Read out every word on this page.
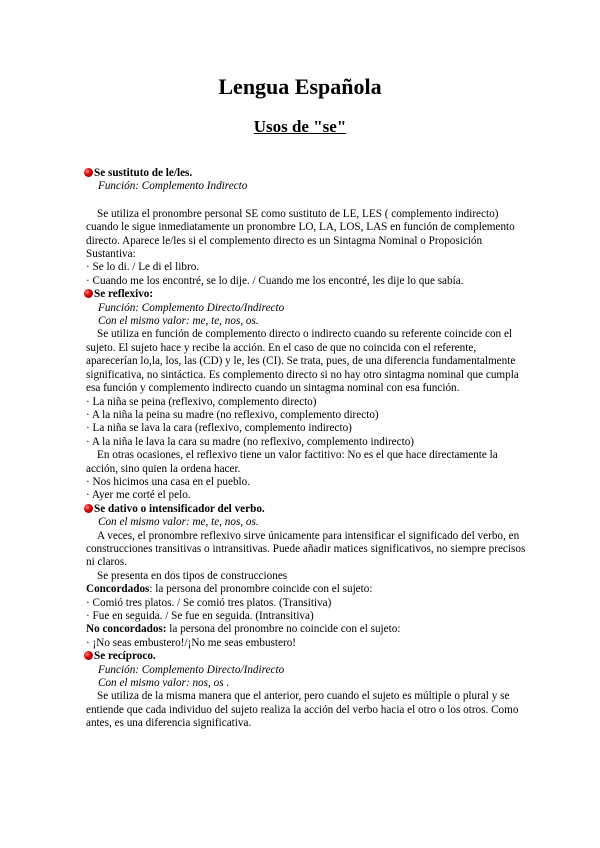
Lengua Española
Usos de "se"

Se sustituto de le/les.

Función: Complemento Indirecto

Se utiliza el pronombre personal SE como sustituto de LE, LES ( complemento indirecto) cuando le sigue inmediatamente un pronombre LO, LA, LOS, LAS en función de complemento directo. Aparece le/les si el complemento directo es un Sintagma Nominal o Proposición Sustantiva:

· Se lo di. / Le di el libro.

· Cuando me los encontré, se lo dije. / Cuando me los encontré, les dije lo que sabía.

Se reflexivo:

Función: Complemento Directo/Indirecto

Con el mismo valor: me, te, nos, os.

Se utiliza en función de complemento directo o indirecto cuando su referente coincide con el sujeto. El sujeto hace y recibe la acción. En el caso de que no coincida con el referente, aparecerían lo,la, los, las (CD) y le, les (CI). Se trata, pues, de una diferencia fundamentalmente significativa, no sintáctica. Es complemento directo si no hay otro sintagma nominal que cumpla esa función y complemento indirecto cuando un sintagma nominal con esa función.

· La niña se peina (reflexivo, complemento directo)

· A la niña la peina su madre (no reflexivo, complemento directo)

· La niña se lava la cara (reflexivo, complemento indirecto)

· A la niña le lava la cara su madre (no reflexivo, complemento indirecto)

En otras ocasiones, el reflexivo tiene un valor factitivo: No es el que hace directamente la acción, sino quien la ordena hacer.

· Nos hicimos una casa en el pueblo.

· Ayer me corté el pelo.

Se dativo o intensificador del verbo.

Con el mismo valor: me, te, nos, os.

A veces, el pronombre reflexivo sirve únicamente para intensificar el significado del verbo, en construcciones transitivas o intransitivas. Puede añadir matices significativos, no siempre precisos ni claros.

Se presenta en dos tipos de construcciones

Concordados: la persona del pronombre coincide con el sujeto:

· Comió tres platos. / Se comió tres platos. (Transitiva)

· Fue en seguida. / Se fue en seguida. (Intransitiva)

No concordados: la persona del pronombre no coincide con el sujeto:

· ¡No seas embustero!/¡No me seas embustero!

Se recíproco.

Función: Complemento Directo/Indirecto

Con el mismo valor: nos, os .

Se utiliza de la misma manera que el anterior, pero cuando el sujeto es múltiple o plural y se entiende que cada individuo del sujeto realiza la acción del verbo hacia el otro o los otros. Como antes, es una diferencia significativa.
